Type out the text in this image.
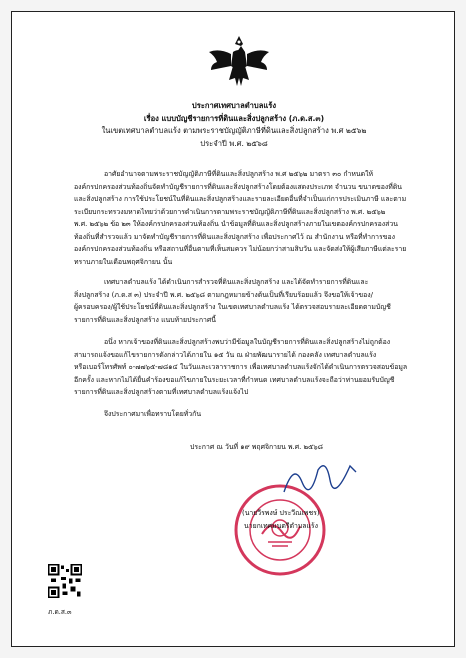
ประกาศเทศบาลตำบลแร้ง
เรื่อง แบบบัญชีรายการที่ดินและสิ่งปลูกสร้าง (ภ.ด.ส.๓)
ในเขตเทศบาลตำบลแร้ง ตามพระราชบัญญัติภาษีที่ดินและสิ่งปลูกสร้าง พ.ศ ๒๕๖๒
ประจำปี พ.ศ. ๒๕๖๘
อาศัยอำนาจตามพระราชบัญญัติภาษีที่ดินและสิ่งปลูกสร้าง พ.ศ ๒๕๖๒ มาตรา ๓๐ กำหนดให้
องค์กรปกครองส่วนท้องถิ่นจัดทำบัญชีรายการที่ดินและสิ่งปลูกสร้างโดยต้องแสดงประเภท จำนวน ขนาดของที่ดิน
และสิ่งปลูกสร้าง การใช้ประโยชน์ในที่ดินและสิ่งปลูกสร้างและรายละเอียดอื่นที่จำเป็นแก่การประเมินภาษี และตาม
ระเบียบกระทรวงมหาดไทยว่าด้วยการดำเนินการตามพระราชบัญญัติภาษีที่ดินและสิ่งปลูกสร้าง พ.ศ. ๒๕๖๒
พ.ศ. ๒๕๖๒ ข้อ ๒๓ ให้องค์กรปกครองส่วนท้องถิ่น นำข้อมูลที่ดินและสิ่งปลูกสร้างภายในเขตองค์กรปกครองส่วน
ท้องถิ่นที่สำรวจแล้ว มาจัดทำบัญชีรายการที่ดินและสิ่งปลูกสร้าง เพื่อประกาศไว้ ณ สำนักงาน หรือที่ทำการของ
องค์กรปกครองส่วนท้องถิ่น หรือสถานที่อื่นตามที่เห็นสมควร ไม่น้อยกว่าสามสิบวัน และจัดส่งให้ผู้เสียภาษีแต่ละราย
ทราบภายในเดือนพฤศจิกายน นั้น
เทศบาลตำบลแร้ง ได้ดำเนินการสำรวจที่ดินและสิ่งปลูกสร้าง และได้จัดทำรายการที่ดินและ
สิ่งปลูกสร้าง (ภ.ด.ส ๓) ประจำปี พ.ศ. ๒๕๖๘ ตามกฎหมายข้างต้นเป็นที่เรียบร้อยแล้ว จึงขอให้เจ้าของ/
ผู้ครอบครอง/ผู้ใช้ประโยชน์ที่ดินและสิ่งปลูกสร้าง ในเขตเทศบาลตำบลแร้ง ได้ตรวจสอบรายละเอียดตามบัญชี
รายการที่ดินและสิ่งปลูกสร้าง แนบท้ายประกาศนี้
อนึ่ง หากเจ้าของที่ดินและสิ่งปลูกสร้างพบว่ามีข้อมูลในบัญชีรายการที่ดินและสิ่งปลูกสร้างไม่ถูกต้อง
สามารถแจ้งขอแก้ไขรายการดังกล่าวได้ภายใน ๑๕ วัน ณ ฝ่ายพัฒนารายได้ กองคลัง เทศบาลตำบลแร้ง
หรือเบอร์โทรศัพท์ ๐-๗๗๖๕-๗๘๑๔ ในวันและเวลาราชการ เพื่อเทศบาลตำบลแร้งจักได้ดำเนินการตรวจสอบข้อมูล
อีกครั้ง และหากไม่ได้ยื่นคำร้องขอแก้ไขภายในระยะเวลาที่กำหนด เทศบาลตำบลแร้งจะถือว่าท่านยอมรับบัญชี
รายการที่ดินและสิ่งปลูกสร้างตามที่เทศบาลตำบลแร้งแจ้งไป
จึงประกาศมาเพื่อทราบโดยทั่วกัน
ประกาศ ณ วันที่ ๑๙ พฤศจิกายน พ.ศ. ๒๕๖๘
(นายวีรพงษ์ ประวีณเพชร)
นายกเทศมนตรีตำบลแร้ง
ภ.ด.ส.๓
